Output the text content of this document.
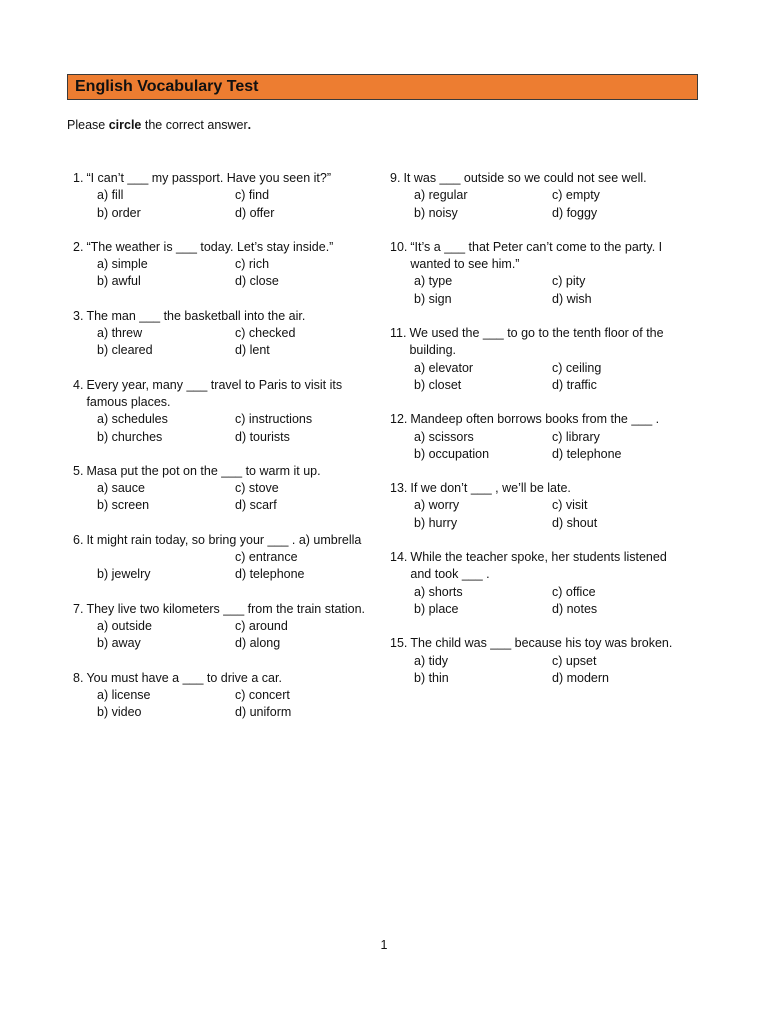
English Vocabulary Test
Please circle the correct answer.
1. “I can’t ___ my passport. Have you seen it?”
a) fill	c) find
b) order	d) offer
2. “The weather is ___ today. Let’s stay inside.”
a) simple	c) rich
b) awful	d) close
3. The man ___ the basketball into the air.
a) threw	c) checked
b) cleared	d) lent
4. Every year, many ___ travel to Paris to visit its famous places.
a) schedules	c) instructions
b) churches	d) tourists
5. Masa put the pot on the ___ to warm it up.
a) sauce	c) stove
b) screen	d) scarf
6. It might rain today, so bring your ___ . a) umbrella
c) entrance
b) jewelry	d) telephone
7. They live two kilometers ___ from the train station.
a) outside	c) around
b) away	d) along
8. You must have a ___ to drive a car.
a) license	c) concert
b) video	d) uniform
9. It was ___ outside so we could not see well.
a) regular	c) empty
b) noisy	d) foggy
10. “It’s a ___ that Peter can’t come to the party. I wanted to see him.”
a) type	c) pity
b) sign	d) wish
11. We used the ___ to go to the tenth floor of the building.
a) elevator	c) ceiling
b) closet	d) traffic
12. Mandeep often borrows books from the ___ .
a) scissors	c) library
b) occupation	d) telephone
13. If we don’t ___ , we’ll be late.
a) worry	c) visit
b) hurry	d) shout
14. While the teacher spoke, her students listened and took ___ .
a) shorts	c) office
b) place	d) notes
15. The child was ___ because his toy was broken.
a) tidy	c) upset
b) thin	d) modern
1
